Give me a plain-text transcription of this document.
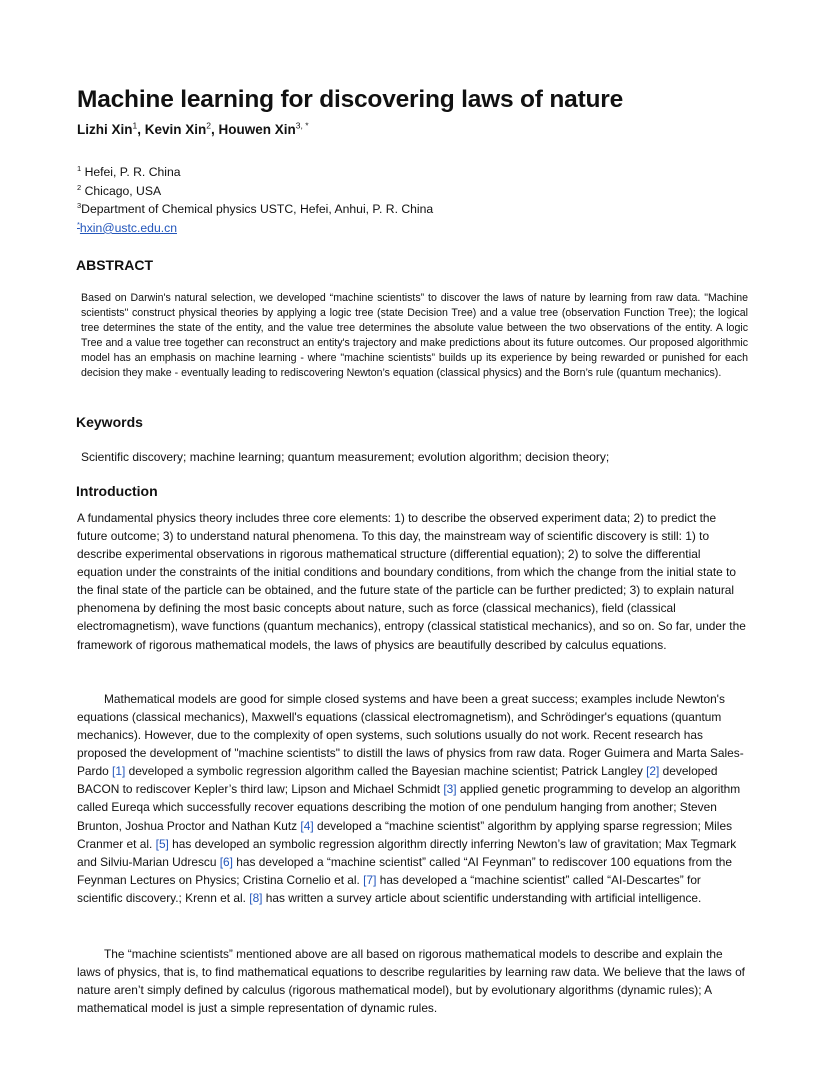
Machine learning for discovering laws of nature
Lizhi Xin$^1$, Kevin Xin$^2$, Houwen Xin$^{3, *}$
$^1$ Hefei, P. R. China
$^2$ Chicago, USA
$^3$Department of Chemical physics USTC, Hefei, Anhui, P. R. China
*hxin@ustc.edu.cn
ABSTRACT

Based on Darwin's natural selection, we developed “machine scientists” to discover the laws of nature by learning from raw data. "Machine scientists" construct physical theories by applying a logic tree (state Decision Tree) and a value tree (observation Function Tree); the logical tree determines the state of the entity, and the value tree determines the absolute value between the two observations of the entity. A logic Tree and a value tree together can reconstruct an entity's trajectory and make predictions about its future outcomes. Our proposed algorithmic model has an emphasis on machine learning - where "machine scientists” builds up its experience by being rewarded or punished for each decision they make - eventually leading to rediscovering Newton’s equation (classical physics) and the Born’s rule (quantum mechanics).

Keywords

Scientific discovery; machine learning; quantum measurement; evolution algorithm; decision theory;

Introduction

A fundamental physics theory includes three core elements: 1) to describe the observed experiment data; 2) to predict the future outcome; 3) to understand natural phenomena. To this day, the mainstream way of scientific discovery is still: 1) to describe experimental observations in rigorous mathematical structure (differential equation); 2) to solve the differential equation under the constraints of the initial conditions and boundary conditions, from which the change from the initial state to the final state of the particle can be obtained, and the future state of the particle can be further predicted; 3) to explain natural phenomena by defining the most basic concepts about nature, such as force (classical mechanics), field (classical electromagnetism), wave functions (quantum mechanics), entropy (classical statistical mechanics), and so on. So far, under the framework of rigorous mathematical models, the laws of physics are beautifully described by calculus equations.

Mathematical models are good for simple closed systems and have been a great success; examples include Newton's equations (classical mechanics), Maxwell's equations (classical electromagnetism), and Schrödinger's equations (quantum mechanics). However, due to the complexity of open systems, such solutions usually do not work. Recent research has proposed the development of "machine scientists" to distill the laws of physics from raw data. Roger Guimera and Marta Sales-Pardo [1] developed a symbolic regression algorithm called the Bayesian machine scientist; Patrick Langley [2] developed BACON to rediscover Kepler’s third law; Lipson and Michael Schmidt [3] applied genetic programming to develop an algorithm called Eureqa which successfully recover equations describing the motion of one pendulum hanging from another; Steven Brunton, Joshua Proctor and Nathan Kutz [4] developed a “machine scientist” algorithm by applying sparse regression; Miles Cranmer et al. [5] has developed an symbolic regression algorithm directly inferring Newton’s law of gravitation; Max Tegmark and Silviu-Marian Udrescu [6] has developed a “machine scientist” called “AI Feynman” to rediscover 100 equations from the Feynman Lectures on Physics; Cristina Cornelio et al. [7] has developed a “machine scientist” called “AI-Descartes” for scientific discovery.; Krenn et al. [8] has written a survey article about scientific understanding with artificial intelligence.

The “machine scientists” mentioned above are all based on rigorous mathematical models to describe and explain the laws of physics, that is, to find mathematical equations to describe regularities by learning raw data. We believe that the laws of nature aren’t simply defined by calculus (rigorous mathematical model), but by evolutionary algorithms (dynamic rules); A mathematical model is just a simple representation of dynamic rules.
